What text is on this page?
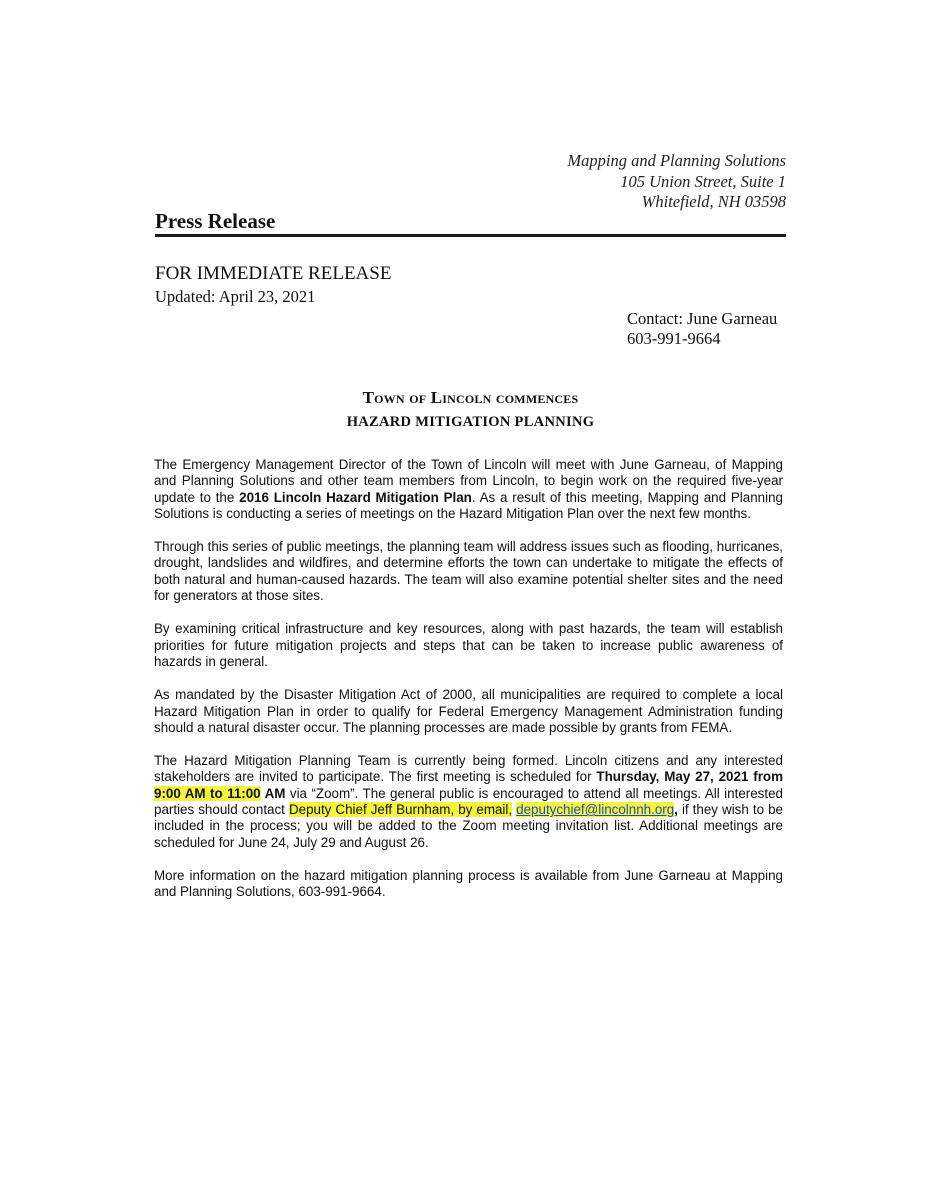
Mapping and Planning Solutions
105 Union Street, Suite 1
Whitefield, NH 03598
Press Release
FOR IMMEDIATE RELEASE
Updated: April 23, 2021
Contact: June Garneau
603-991-9664
Town of Lincoln commences
HAZARD MITIGATION PLANNING

The Emergency Management Director of the Town of Lincoln will meet with June Garneau, of Mapping and Planning Solutions and other team members from Lincoln, to begin work on the required five-year update to the 2016 Lincoln Hazard Mitigation Plan. As a result of this meeting, Mapping and Planning Solutions is conducting a series of meetings on the Hazard Mitigation Plan over the next few months.

Through this series of public meetings, the planning team will address issues such as flooding, hurricanes, drought, landslides and wildfires, and determine efforts the town can undertake to mitigate the effects of both natural and human-caused hazards. The team will also examine potential shelter sites and the need for generators at those sites.

By examining critical infrastructure and key resources, along with past hazards, the team will establish priorities for future mitigation projects and steps that can be taken to increase public awareness of hazards in general.

As mandated by the Disaster Mitigation Act of 2000, all municipalities are required to complete a local Hazard Mitigation Plan in order to qualify for Federal Emergency Management Administration funding should a natural disaster occur. The planning processes are made possible by grants from FEMA.

The Hazard Mitigation Planning Team is currently being formed. Lincoln citizens and any interested stakeholders are invited to participate. The first meeting is scheduled for Thursday, May 27, 2021 from 9:00 AM to 11:00 AM via “Zoom”. The general public is encouraged to attend all meetings. All interested parties should contact Deputy Chief Jeff Burnham, by email, deputychief@lincolnnh.org, if they wish to be included in the process; you will be added to the Zoom meeting invitation list. Additional meetings are scheduled for June 24, July 29 and August 26.

More information on the hazard mitigation planning process is available from June Garneau at Mapping and Planning Solutions, 603-991-9664.
